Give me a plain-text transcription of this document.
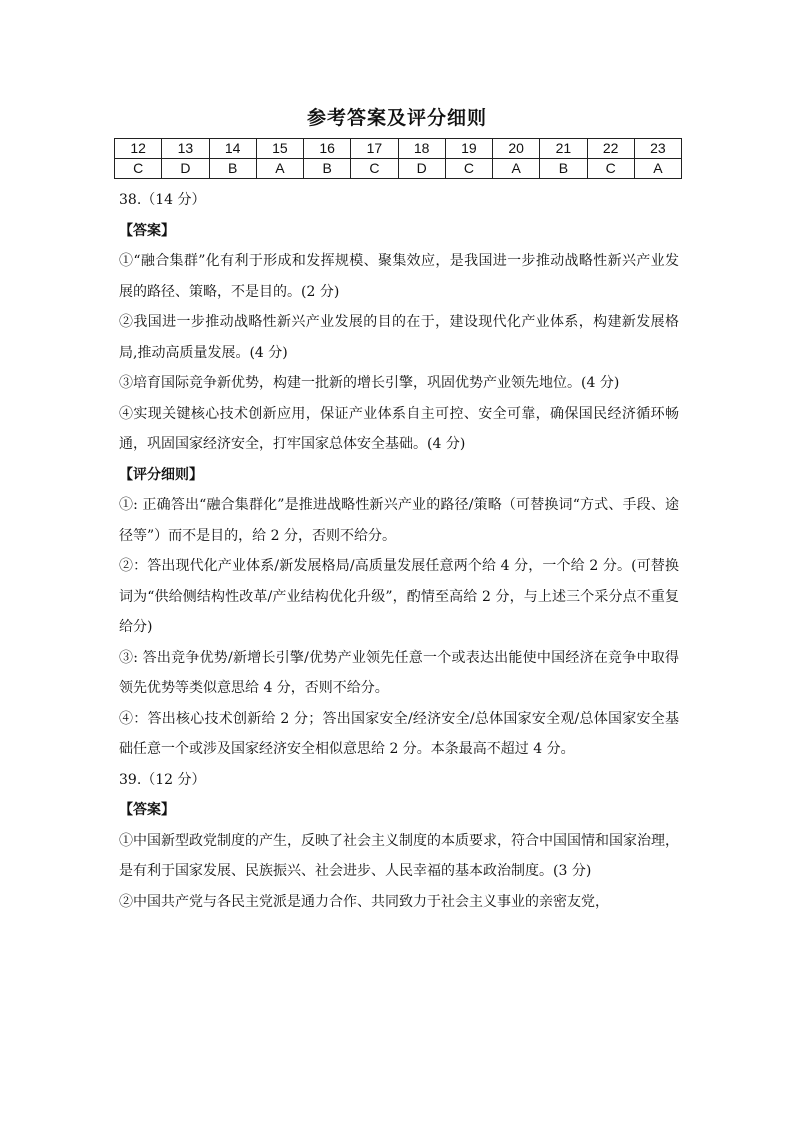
参考答案及评分细则
12	13	14	15	16	17	18	19	20	21	22	23
C	D	B	A	B	C	D	C	A	B	C	A

38.（14 分）

【答案】

①“融合集群”化有利于形成和发挥规模、聚集效应，是我国进一步推动战略性新兴产业发展的路径、策略，不是目的。(2 分)

②我国进一步推动战略性新兴产业发展的目的在于，建设现代化产业体系，构建新发展格局,推动高质量发展。(4 分)

③培育国际竞争新优势，构建一批新的增长引擎，巩固优势产业领先地位。(4 分)

④实现关键核心技术创新应用，保证产业体系自主可控、安全可靠，确保国民经济循环畅通，巩固国家经济安全，打牢国家总体安全基础。(4 分)

【评分细则】

①: 正确答出“融合集群化”是推进战略性新兴产业的路径/策略（可替换词“方式、手段、途径等”）而不是目的，给 2 分，否则不给分。

②：答出现代化产业体系/新发展格局/高质量发展任意两个给 4 分，一个给 2 分。(可替换词为“供给侧结构性改革/产业结构优化升级”，酌情至高给 2 分，与上述三个采分点不重复给分)

③: 答出竞争优势/新增长引擎/优势产业领先任意一个或表达出能使中国经济在竞争中取得领先优势等类似意思给 4 分，否则不给分。

④：答出核心技术创新给 2 分；答出国家安全/经济安全/总体国家安全观/总体国家安全基础任意一个或涉及国家经济安全相似意思给 2 分。本条最高不超过 4 分。

39.（12 分）

【答案】

①中国新型政党制度的产生，反映了社会主义制度的本质要求，符合中国国情和国家治理，是有利于国家发展、民族振兴、社会进步、人民幸福的基本政治制度。(3 分)

②中国共产党与各民主党派是通力合作、共同致力于社会主义事业的亲密友党，
